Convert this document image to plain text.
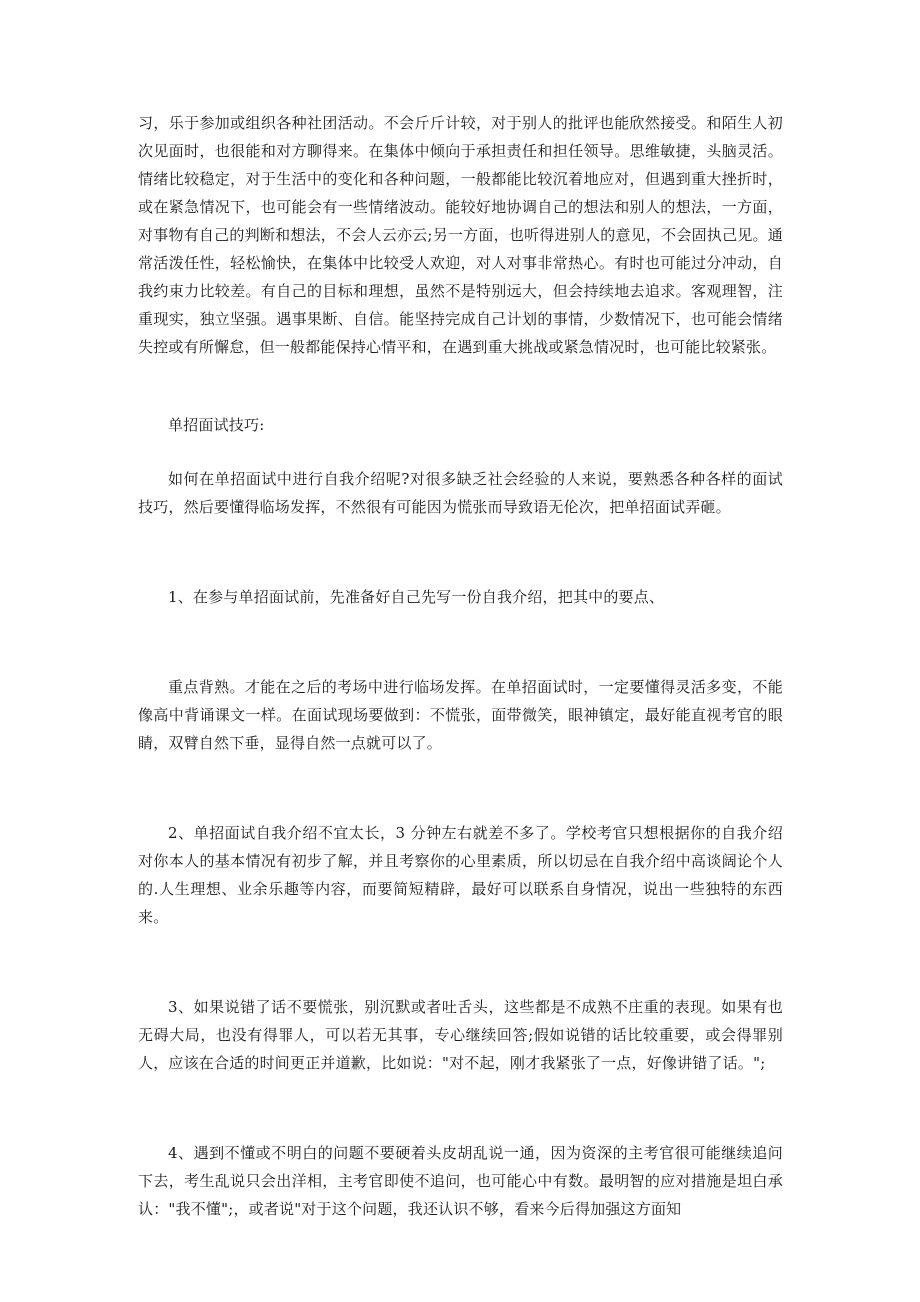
习，乐于参加或组织各种社团活动。不会斤斤计较，对于别人的批评也能欣然接受。和陌生人初次见面时，也很能和对方聊得来。在集体中倾向于承担责任和担任领导。思维敏捷，头脑灵活。情绪比较稳定，对于生活中的变化和各种问题，一般都能比较沉着地应对，但遇到重大挫折时，或在紧急情况下，也可能会有一些情绪波动。能较好地协调自己的想法和别人的想法，一方面，对事物有自己的判断和想法，不会人云亦云;另一方面，也听得进别人的意见，不会固执己见。通常活泼任性，轻松愉快，在集体中比较受人欢迎，对人对事非常热心。有时也可能过分冲动，自我约束力比较差。有自己的目标和理想，虽然不是特别远大，但会持续地去追求。客观理智，注重现实，独立坚强。遇事果断、自信。能坚持完成自己计划的事情，少数情况下，也可能会情绪失控或有所懈怠，但一般都能保持心情平和，在遇到重大挑战或紧急情况时，也可能比较紧张。

单招面试技巧:

如何在单招面试中进行自我介绍呢?对很多缺乏社会经验的人来说，要熟悉各种各样的面试技巧，然后要懂得临场发挥，不然很有可能因为慌张而导致语无伦次，把单招面试弄砸。

1、在参与单招面试前，先准备好自己先写一份自我介绍，把其中的要点、

重点背熟。才能在之后的考场中进行临场发挥。在单招面试时，一定要懂得灵活多变，不能像高中背诵课文一样。在面试现场要做到：不慌张，面带微笑，眼神镇定，最好能直视考官的眼睛，双臂自然下垂，显得自然一点就可以了。

2、单招面试自我介绍不宜太长，3 分钟左右就差不多了。学校考官只想根据你的自我介绍对你本人的基本情况有初步了解，并且考察你的心里素质，所以切忌在自我介绍中高谈阔论个人的.人生理想、业余乐趣等内容，而要简短精辟，最好可以联系自身情况，说出一些独特的东西来。

3、如果说错了话不要慌张，别沉默或者吐舌头，这些都是不成熟不庄重的表现。如果有也无碍大局，也没有得罪人，可以若无其事，专心继续回答;假如说错的话比较重要，或会得罪别人，应该在合适的时间更正并道歉，比如说："对不起，刚才我紧张了一点，好像讲错了话。";

4、遇到不懂或不明白的问题不要硬着头皮胡乱说一通，因为资深的主考官很可能继续追问下去，考生乱说只会出洋相，主考官即使不追问，也可能心中有数。最明智的应对措施是坦白承认："我不懂";，或者说"对于这个问题，我还认识不够，看来今后得加强这方面知
